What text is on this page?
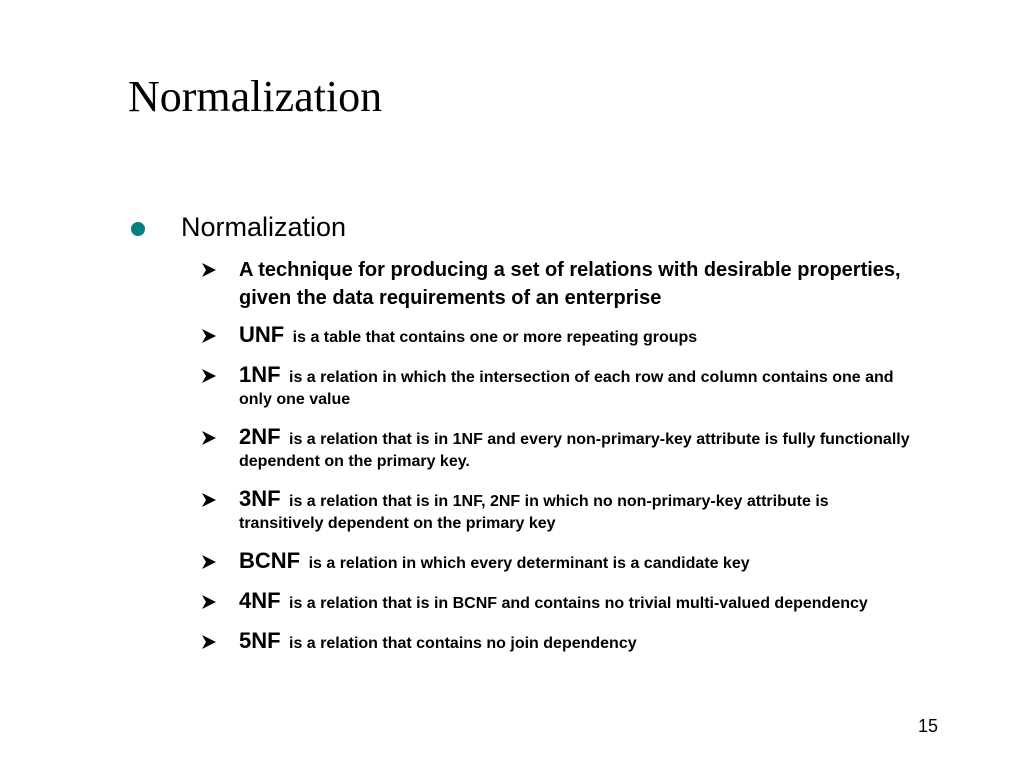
Normalization
Normalization
A technique for producing a set of relations with desirable properties, given the data requirements of an enterprise
UNF is a table that contains one or more repeating groups
1NF is a relation in which the intersection of each row and column contains one and only one value
2NF is a relation that is in 1NF and every non-primary-key attribute is fully functionally dependent on the primary key.
3NF is a relation that is in 1NF, 2NF in which no non-primary-key attribute is transitively dependent on the primary key
BCNF is a relation in which every determinant is a candidate key
4NF is a relation that is in BCNF and contains no trivial multi-valued dependency
5NF is a relation that contains no join dependency
15
